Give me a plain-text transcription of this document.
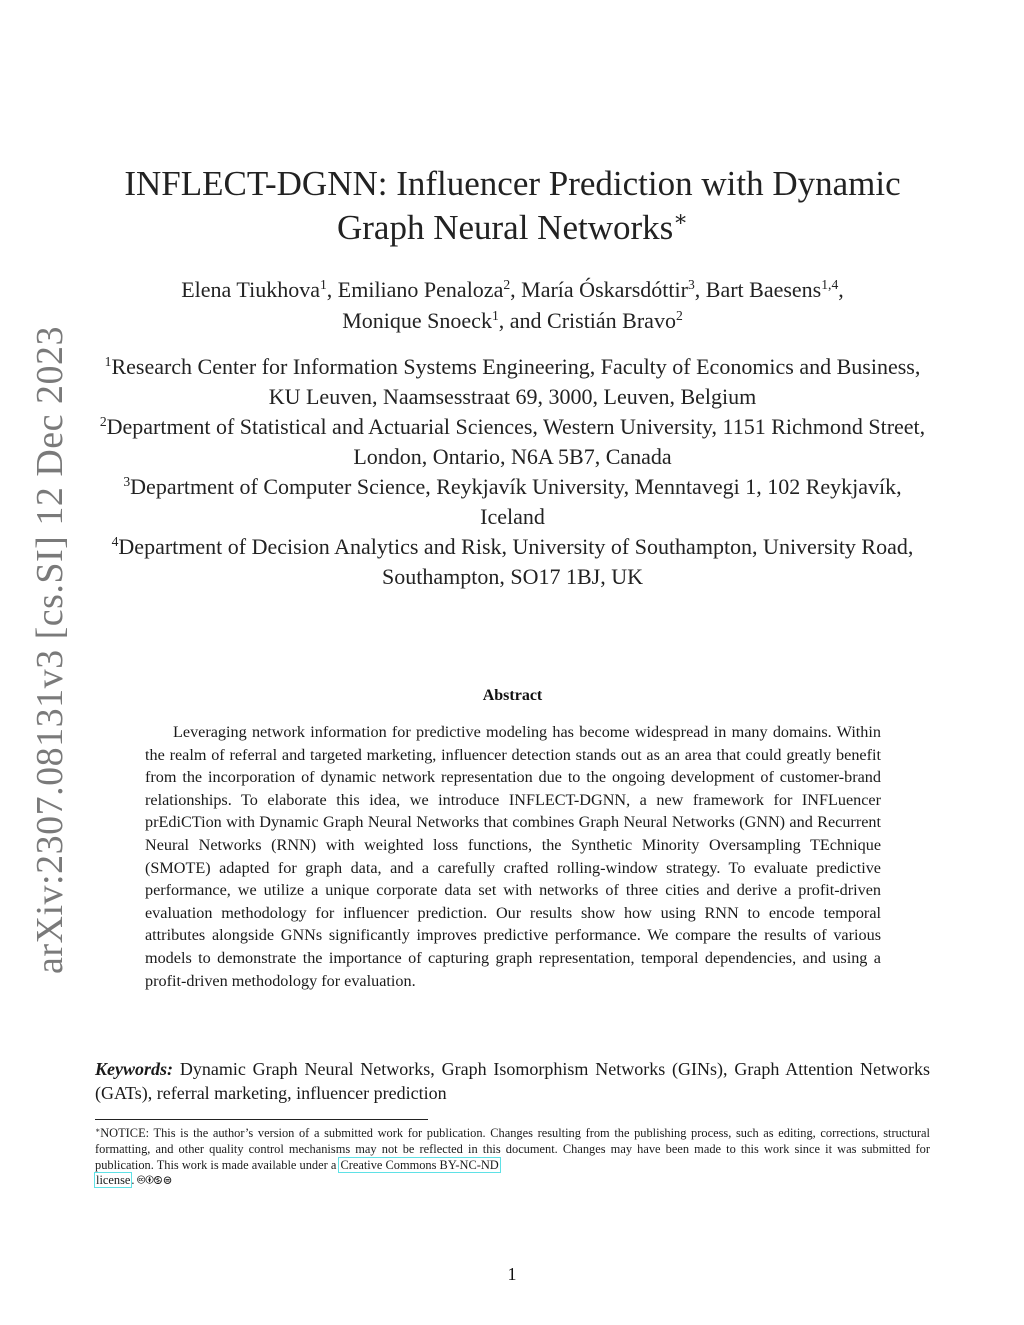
arXiv:2307.08131v3 [cs.SI] 12 Dec 2023
INFLECT-DGNN: Influencer Prediction with Dynamic
Graph Neural Networks∗
Elena Tiukhova$^1$, Emiliano Penaloza$^2$, María Óskarsdóttir$^3$, Bart Baesens$^{1,4}$,
Monique Snoeck$^1$, and Cristián Bravo$^2$

$^1$Research Center for Information Systems Engineering, Faculty of Economics and Business, KU Leuven, Naamsesstraat 69, 3000, Leuven, Belgium

$^2$Department of Statistical and Actuarial Sciences, Western University, 1151 Richmond Street, London, Ontario, N6A 5B7, Canada

$^3$Department of Computer Science, Reykjavík University, Menntavegi 1, 102 Reykjavík, Iceland

$^4$Department of Decision Analytics and Risk, University of Southampton, University Road, Southampton, SO17 1BJ, UK

Abstract

Leveraging network information for predictive modeling has become widespread in many domains. Within the realm of referral and targeted marketing, influencer detection stands out as an area that could greatly benefit from the incorporation of dynamic network representation due to the ongoing development of customer-brand relationships. To elaborate this idea, we introduce INFLECT-DGNN, a new framework for INFLuencer prEdiCTion with Dynamic Graph Neural Networks that combines Graph Neural Networks (GNN) and Recurrent Neural Networks (RNN) with weighted loss functions, the Synthetic Minority Oversampling TEchnique (SMOTE) adapted for graph data, and a carefully crafted rolling-window strategy. To evaluate predictive performance, we utilize a unique corporate data set with networks of three cities and derive a profit-driven evaluation methodology for influencer prediction. Our results show how using RNN to encode temporal attributes alongside GNNs significantly improves predictive performance. We compare the results of various models to demonstrate the importance of capturing graph representation, temporal dependencies, and using a profit-driven methodology for evaluation.

Keywords: Dynamic Graph Neural Networks, Graph Isomorphism Networks (GINs), Graph Attention Networks (GATs), referral marketing, influencer prediction

∗NOTICE: This is the author’s version of a submitted work for publication. Changes resulting from the publishing process, such as editing, corrections, structural formatting, and other quality control mechanisms may not be reflected in this document. Changes may have been made to this work since it was submitted for publication. This work is made available under a Creative Commons BY-NC-ND
license. 🅭🅯🄏⊜

1
